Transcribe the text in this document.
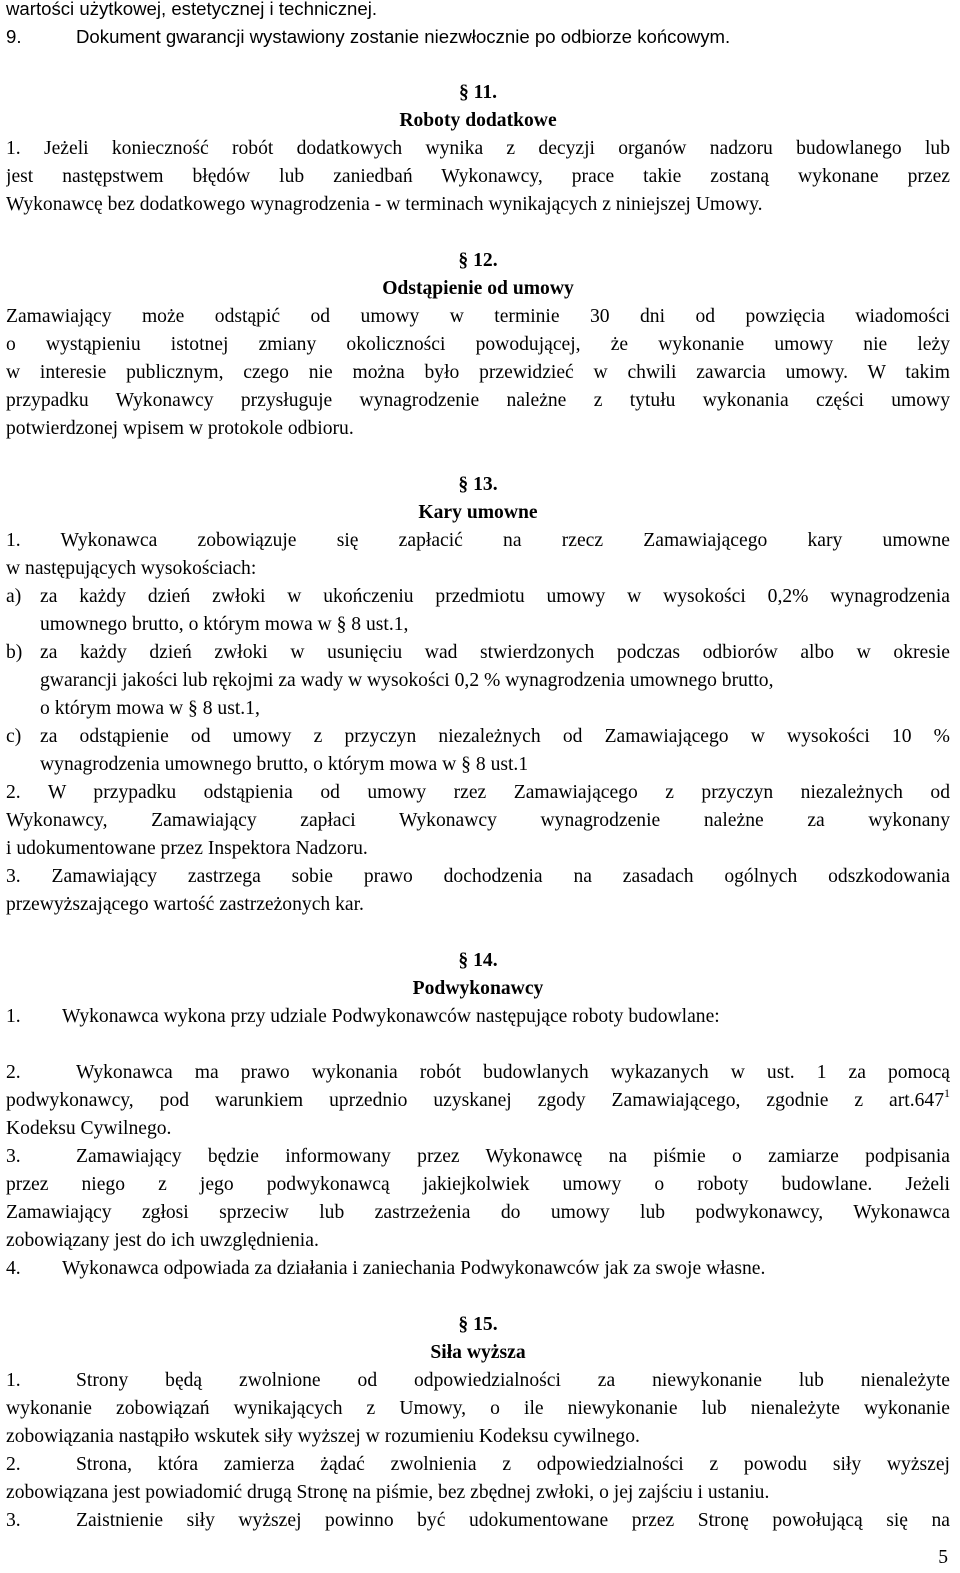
wartości użytkowej, estetycznej i technicznej.
9.	Dokument gwarancji wystawiony zostanie niezwłocznie po odbiorze końcowym.
§ 11.
Roboty dodatkowe
1. Jeżeli konieczność robót dodatkowych wynika z decyzji organów nadzoru budowlanego lub
jest następstwem błędów lub zaniedbań Wykonawcy, prace takie zostaną wykonane przez
Wykonawcę bez dodatkowego wynagrodzenia - w terminach wynikających z niniejszej Umowy.
§ 12.
Odstąpienie od umowy
Zamawiający może odstąpić od umowy w terminie 30 dni od powzięcia wiadomości
o wystąpieniu istotnej zmiany okoliczności powodującej, że wykonanie umowy nie leży
w interesie publicznym, czego nie można było przewidzieć w chwili zawarcia umowy. W takim
przypadku Wykonawcy przysługuje wynagrodzenie należne z tytułu wykonania części umowy
potwierdzonej wpisem w protokole odbioru.
§ 13.
Kary umowne
1. Wykonawca zobowiązuje się zapłacić na rzecz Zamawiającego kary umowne
w następujących wysokościach:
a) za każdy dzień zwłoki w ukończeniu przedmiotu umowy w wysokości 0,2% wynagrodzenia
umownego brutto, o którym mowa w § 8 ust.1,
b) za każdy dzień zwłoki w usunięciu wad stwierdzonych podczas odbiorów albo w okresie
gwarancji jakości lub rękojmi za wady w wysokości 0,2 % wynagrodzenia umownego brutto,
o którym mowa w § 8 ust.1,
c) za odstąpienie od umowy z przyczyn niezależnych od Zamawiającego w wysokości 10 %
wynagrodzenia umownego brutto, o którym mowa w § 8 ust.1
2. W przypadku odstąpienia od umowy rzez Zamawiającego z przyczyn niezależnych od
Wykonawcy, Zamawiający zapłaci Wykonawcy wynagrodzenie należne za wykonany
i udokumentowane przez Inspektora Nadzoru.
3. Zamawiający zastrzega sobie prawo dochodzenia na zasadach ogólnych odszkodowania
przewyższającego wartość zastrzeżonych kar.
§ 14.
Podwykonawcy
1. Wykonawca wykona przy udziale Podwykonawców następujące roboty budowlane:
2.	Wykonawca ma prawo wykonania robót budowlanych wykazanych w ust. 1 za pomocą
podwykonawcy, pod warunkiem uprzednio uzyskanej zgody Zamawiającego, zgodnie z art.647$^1$
Kodeksu Cywilnego.
3.	Zamawiający będzie informowany przez Wykonawcę na piśmie o zamiarze podpisania
przez niego z jego podwykonawcą jakiejkolwiek umowy o roboty budowlane. Jeżeli
Zamawiający zgłosi sprzeciw lub zastrzeżenia do umowy lub podwykonawcy, Wykonawca
zobowiązany jest do ich uwzględnienia.
4. Wykonawca odpowiada za działania i zaniechania Podwykonawców jak za swoje własne.
§ 15.
Siła wyższa
1.	Strony będą zwolnione od odpowiedzialności za niewykonanie lub nienależyte
wykonanie zobowiązań wynikających z Umowy, o ile niewykonanie lub nienależyte wykonanie
zobowiązania nastąpiło wskutek siły wyższej w rozumieniu Kodeksu cywilnego.
2.	Strona, która zamierza żądać zwolnienia z odpowiedzialności z powodu siły wyższej
zobowiązana jest powiadomić drugą Stronę na piśmie, bez zbędnej zwłoki, o jej zajściu i ustaniu.
3.	Zaistnienie siły wyższej powinno być udokumentowane przez Stronę powołującą się na
5
